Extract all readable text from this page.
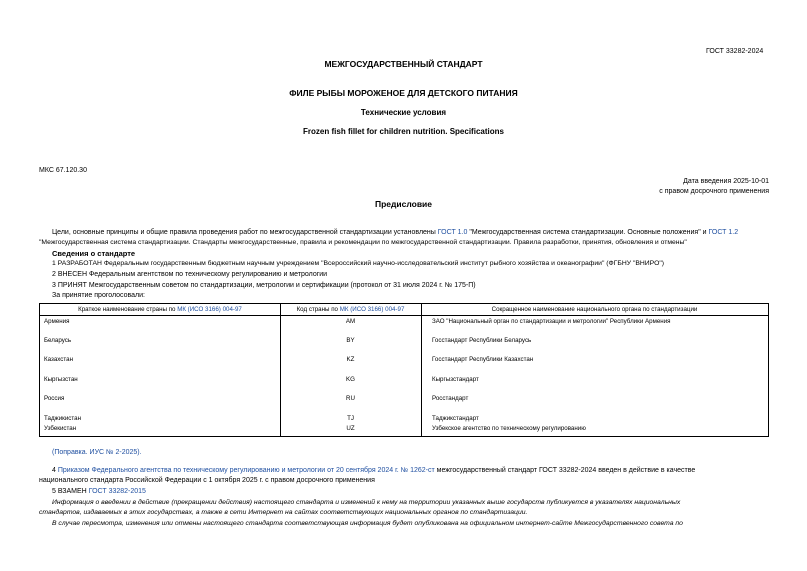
ГОСТ 33282-2024
МЕЖГОСУДАРСТВЕННЫЙ СТАНДАРТ
ФИЛЕ РЫБЫ МОРОЖЕНОЕ ДЛЯ ДЕТСКОГО ПИТАНИЯ
Технические условия
Frozen fish fillet for children nutrition. Specifications
МКС 67.120.30
Дата введения 2025-10-01
с правом досрочного применения
Предисловие
Цели, основные принципы и общие правила проведения работ по межгосударственной стандартизации установлены ГОСТ 1.0 "Межгосударственная система стандартизации. Основные положения" и ГОСТ 1.2
"Межгосударственная система стандартизации. Стандарты межгосударственные, правила и рекомендации по межгосударственной стандартизации. Правила разработки, принятия, обновления и отмены"
Сведения о стандарте
1 РАЗРАБОТАН Федеральным государственным бюджетным научным учреждением "Всероссийский научно-исследовательский институт рыбного хозяйства и океанографии" (ФГБНУ "ВНИРО")
2 ВНЕСЕН Федеральным агентством по техническому регулированию и метрологии
3 ПРИНЯТ Межгосударственным советом по стандартизации, метрологии и сертификации (протокол от 31 июля 2024 г. № 175-П)
За принятие проголосовали:
Краткое наименование страны по МК (ИСО 3166) 004-97	Код страны по МК (ИСО 3166) 004-97	Сокращенное наименование национального органа по стандартизации
Армения	AM	ЗАО "Национальный орган по стандартизации и метрологии" Республики Армения
Беларусь	BY	Госстандарт Республики Беларусь
Казахстан	KZ	Госстандарт Республики Казахстан
Кыргызстан	KG	Кыргызстандарт
Россия	RU	Росстандарт
Таджикистан	TJ	Таджикстандарт
Узбекистан	UZ	Узбекское агентство по техническому регулированию
(Поправка. ИУС № 2-2025).
4 Приказом Федерального агентства по техническому регулированию и метрологии от 20 сентября 2024 г. № 1262-ст межгосударственный стандарт ГОСТ 33282-2024 введен в действие в качестве
национального стандарта Российской Федерации с 1 октября 2025 г. с правом досрочного применения
5 ВЗАМЕН ГОСТ 33282-2015
Информация о введении в действие (прекращении действия) настоящего стандарта и изменений к нему на территории указанных выше государств публикуется в указателях национальных
стандартов, издаваемых в этих государствах, а также в сети Интернет на сайтах соответствующих национальных органов по стандартизации.
В случае пересмотра, изменения или отмены настоящего стандарта соответствующая информация будет опубликована на официальном интернет-сайте Межгосударственного совета по
